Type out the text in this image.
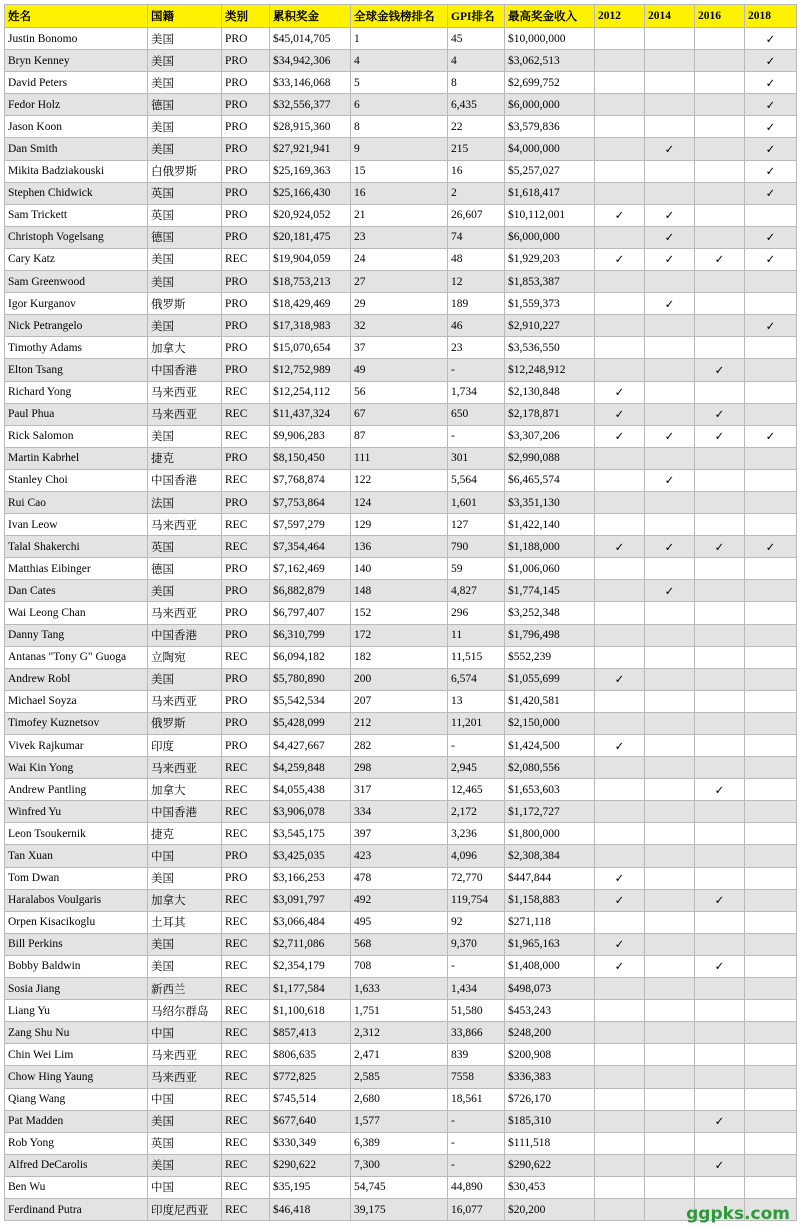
姓名	国籍	类别	累积奖金	全球金钱榜排名	GPI排名	最高奖金收入	2012	2014	2016	2018
Justin Bonomo	美国	PRO	$45,014,705	1	45	$10,000,000				✓
Bryn Kenney	美国	PRO	$34,942,306	4	4	$3,062,513				✓
David Peters	美国	PRO	$33,146,068	5	8	$2,699,752				✓
Fedor Holz	德国	PRO	$32,556,377	6	6,435	$6,000,000				✓
Jason Koon	美国	PRO	$28,915,360	8	22	$3,579,836				✓
Dan Smith	美国	PRO	$27,921,941	9	215	$4,000,000		✓		✓
Mikita Badziakouski	白俄罗斯	PRO	$25,169,363	15	16	$5,257,027				✓
Stephen Chidwick	英国	PRO	$25,166,430	16	2	$1,618,417				✓
Sam Trickett	英国	PRO	$20,924,052	21	26,607	$10,112,001	✓	✓		
Christoph Vogelsang	德国	PRO	$20,181,475	23	74	$6,000,000		✓		✓
Cary Katz	美国	REC	$19,904,059	24	48	$1,929,203	✓	✓	✓	✓
Sam Greenwood	美国	PRO	$18,753,213	27	12	$1,853,387				
Igor Kurganov	俄罗斯	PRO	$18,429,469	29	189	$1,559,373		✓		
Nick Petrangelo	美国	PRO	$17,318,983	32	46	$2,910,227				✓
Timothy Adams	加拿大	PRO	$15,070,654	37	23	$3,536,550				
Elton Tsang	中国香港	PRO	$12,752,989	49	-	$12,248,912			✓	
Richard Yong	马来西亚	REC	$12,254,112	56	1,734	$2,130,848	✓			
Paul Phua	马来西亚	REC	$11,437,324	67	650	$2,178,871	✓		✓	
Rick Salomon	美国	REC	$9,906,283	87	-	$3,307,206	✓	✓	✓	✓
Martin Kabrhel	捷克	PRO	$8,150,450	111	301	$2,990,088				
Stanley Choi	中国香港	REC	$7,768,874	122	5,564	$6,465,574		✓		
Rui Cao	法国	PRO	$7,753,864	124	1,601	$3,351,130				
Ivan Leow	马来西亚	REC	$7,597,279	129	127	$1,422,140				
Talal Shakerchi	英国	REC	$7,354,464	136	790	$1,188,000	✓	✓	✓	✓
Matthias Eibinger	德国	PRO	$7,162,469	140	59	$1,006,060				
Dan Cates	美国	PRO	$6,882,879	148	4,827	$1,774,145		✓		
Wai Leong Chan	马来西亚	PRO	$6,797,407	152	296	$3,252,348				
Danny Tang	中国香港	PRO	$6,310,799	172	11	$1,796,498				
Antanas "Tony G" Guoga	立陶宛	REC	$6,094,182	182	11,515	$552,239				
Andrew Robl	美国	PRO	$5,780,890	200	6,574	$1,055,699	✓			
Michael Soyza	马来西亚	PRO	$5,542,534	207	13	$1,420,581				
Timofey Kuznetsov	俄罗斯	PRO	$5,428,099	212	11,201	$2,150,000				
Vivek Rajkumar	印度	PRO	$4,427,667	282	-	$1,424,500	✓			
Wai Kin Yong	马来西亚	REC	$4,259,848	298	2,945	$2,080,556				
Andrew Pantling	加拿大	REC	$4,055,438	317	12,465	$1,653,603			✓	
Winfred Yu	中国香港	REC	$3,906,078	334	2,172	$1,172,727				
Leon Tsoukernik	捷克	REC	$3,545,175	397	3,236	$1,800,000				
Tan Xuan	中国	PRO	$3,425,035	423	4,096	$2,308,384				
Tom Dwan	美国	PRO	$3,166,253	478	72,770	$447,844	✓			
Haralabos Voulgaris	加拿大	REC	$3,091,797	492	119,754	$1,158,883	✓		✓	
Orpen Kisacikoglu	土耳其	REC	$3,066,484	495	92	$271,118				
Bill Perkins	美国	REC	$2,711,086	568	9,370	$1,965,163	✓			
Bobby Baldwin	美国	REC	$2,354,179	708	-	$1,408,000	✓		✓	
Sosia Jiang	新西兰	REC	$1,177,584	1,633	1,434	$498,073				
Liang Yu	马绍尔群岛	REC	$1,100,618	1,751	51,580	$453,243				
Zang Shu Nu	中国	REC	$857,413	2,312	33,866	$248,200				
Chin Wei Lim	马来西亚	REC	$806,635	2,471	839	$200,908				
Chow Hing Yaung	马来西亚	REC	$772,825	2,585	7558	$336,383				
Qiang Wang	中国	REC	$745,514	2,680	18,561	$726,170				
Pat Madden	美国	REC	$677,640	1,577	-	$185,310			✓	
Rob Yong	英国	REC	$330,349	6,389	-	$111,518				
Alfred DeCarolis	美国	REC	$290,622	7,300	-	$290,622			✓	
Ben Wu	中国	REC	$35,195	54,745	44,890	$30,453				
Ferdinand Putra	印度尼西亚	REC	$46,418	39,175	16,077	$20,200					ggpks.com
